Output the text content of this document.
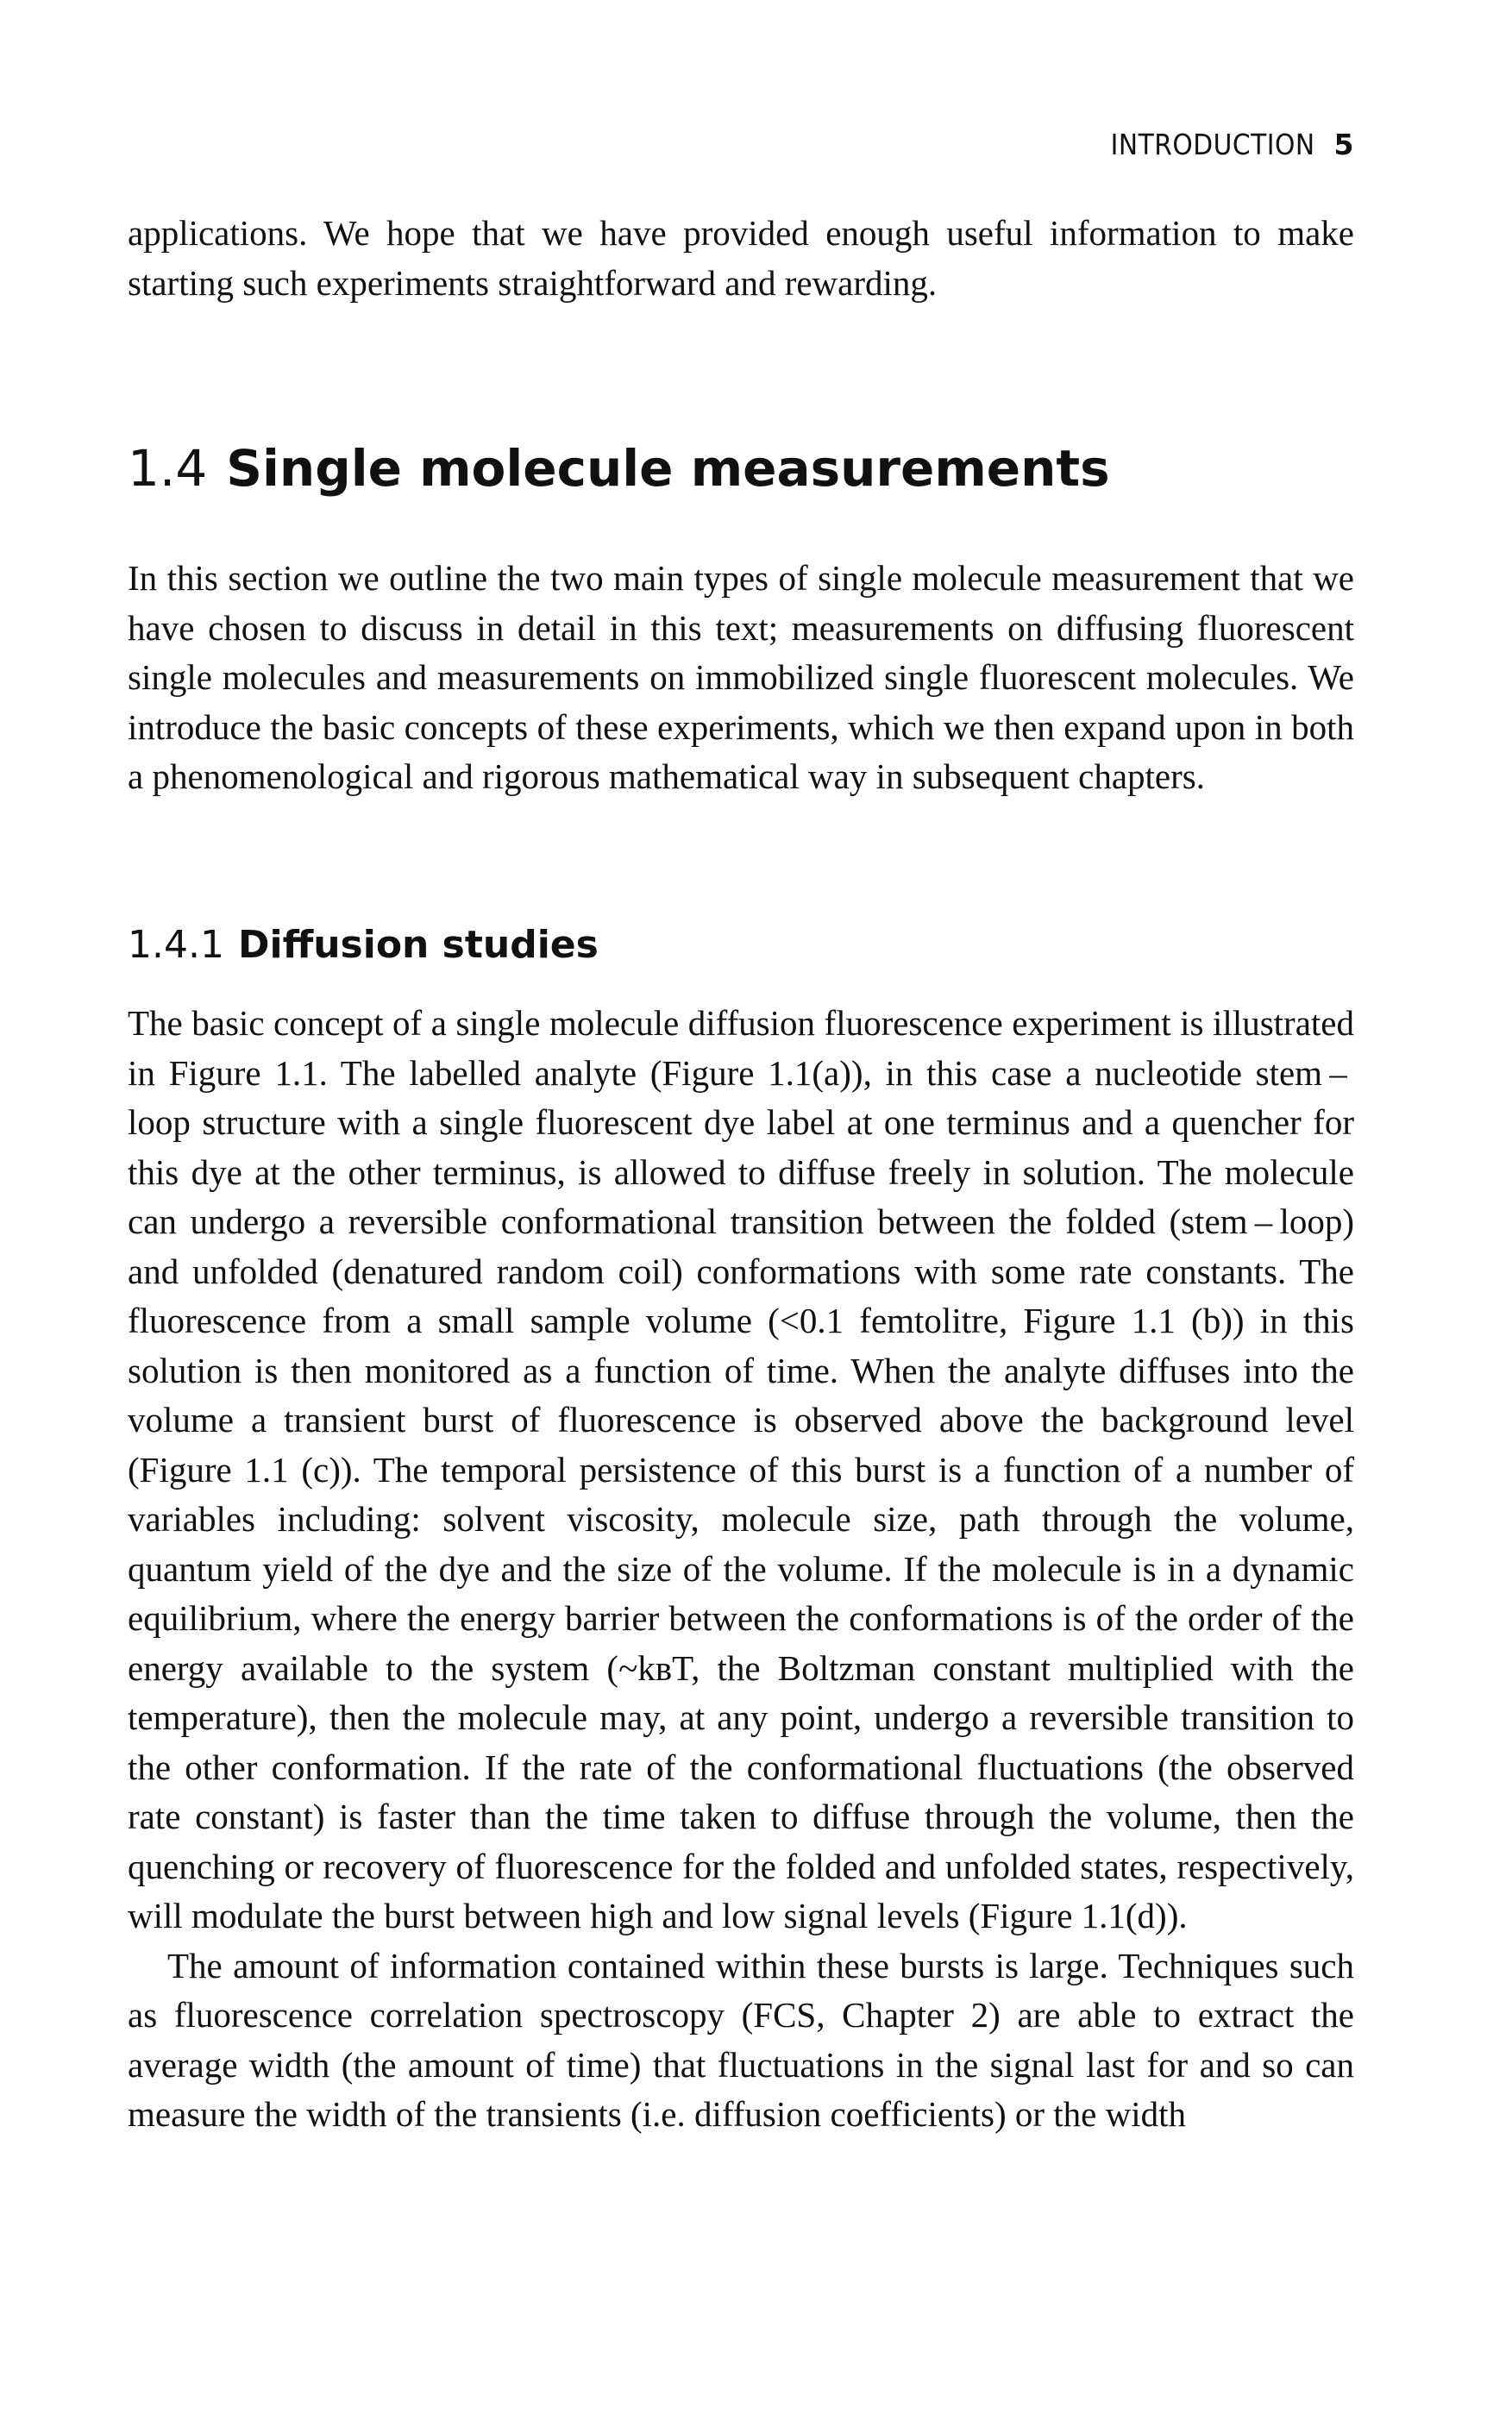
INTRODUCTION 5

applications. We hope that we have provided enough useful information to make starting such experiments straightforward and rewarding.

1.4 Single molecule measurements

In this section we outline the two main types of single molecule measurement that we have chosen to discuss in detail in this text; measurements on diffusing fluorescent single molecules and measurements on immobilized single fluorescent molecules. We introduce the basic concepts of these experiments, which we then expand upon in both a phenomenological and rigorous mathematical way in subsequent chapters.

1.4.1 Diffusion studies

The basic concept of a single molecule diffusion fluorescence experiment is illustrated in Figure 1.1. The labelled analyte (Figure 1.1(a)), in this case a nucleotide stem – loop structure with a single fluorescent dye label at one terminus and a quencher for this dye at the other terminus, is allowed to diffuse freely in solution. The molecule can undergo a reversible conformational transition between the folded (stem – loop) and unfolded (denatured random coil) conformations with some rate constants. The fluorescence from a small sample volume (<0.1 femtolitre, Figure 1.1 (b)) in this solution is then monitored as a function of time. When the analyte diffuses into the volume a transient burst of fluorescence is observed above the background level (Figure 1.1 (c)). The temporal persistence of this burst is a function of a number of variables including: solvent viscosity, molecule size, path through the volume, quantum yield of the dye and the size of the volume. If the molecule is in a dynamic equilibrium, where the energy barrier between the conformations is of the order of the energy available to the system (~kʙT, the Boltzman constant multiplied with the temperature), then the molecule may, at any point, undergo a reversible transition to the other conformation. If the rate of the conformational fluctuations (the observed rate constant) is faster than the time taken to diffuse through the volume, then the quenching or recovery of fluorescence for the folded and unfolded states, respectively, will modulate the burst between high and low signal levels (Figure 1.1(d)).

The amount of information contained within these bursts is large. Techniques such as fluorescence correlation spectroscopy (FCS, Chapter 2) are able to extract the average width (the amount of time) that fluctuations in the signal last for and so can measure the width of the transients (i.e. diffusion coefficients) or the width
